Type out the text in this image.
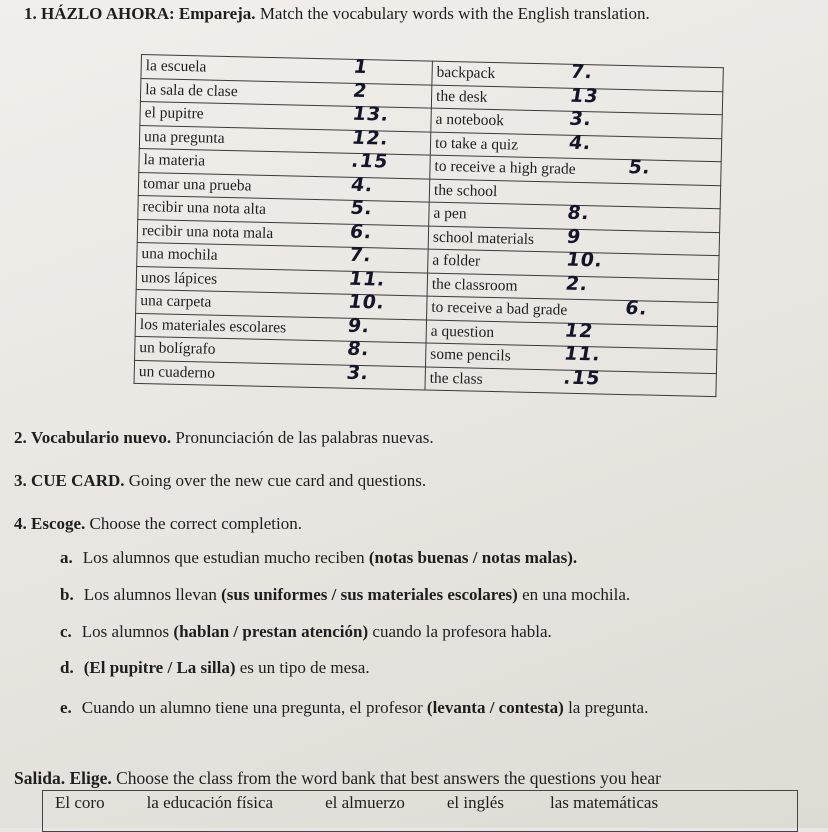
1. HÁZLO AHORA: Empareja. Match the vocabulary words with the English translation.
la escuela 1	backpack 7.

la sala de clase 2	the desk 13

el pupitre 13.	a notebook 3.

una pregunta 12.	to take a quiz 4.

la materia .15	to receive a high grade 5.

tomar una prueba 4.	the school

recibir una nota alta 5.	a pen 8.

recibir una nota mala 6.	school materials 9

una mochila 7.	a folder 10.

unos lápices 11.	the classroom 2.

una carpeta 10.	to receive a bad grade 6.

los materiales escolares 9.	a question 12

un bolígrafo 8.	some pencils 11.

un cuaderno 3.	the class .15
2. Vocabulario nuevo. Pronunciación de las palabras nuevas.
3. CUE CARD. Going over the new cue card and questions.
4. Escoge. Choose the correct completion.
a. Los alumnos que estudian mucho reciben (notas buenas / notas malas).
b. Los alumnos llevan (sus uniformes / sus materiales escolares) en una mochila.
c. Los alumnos (hablan / prestan atención) cuando la profesora habla.
d. (El pupitre / La silla) es un tipo de mesa.
e. Cuando un alumno tiene una pregunta, el profesor (levanta / contesta) la pregunta.
Salida. Elige. Choose the class from the word bank that best answers the questions you hear
El coro la educación física	el almuerzo el inglés	las matemáticas
